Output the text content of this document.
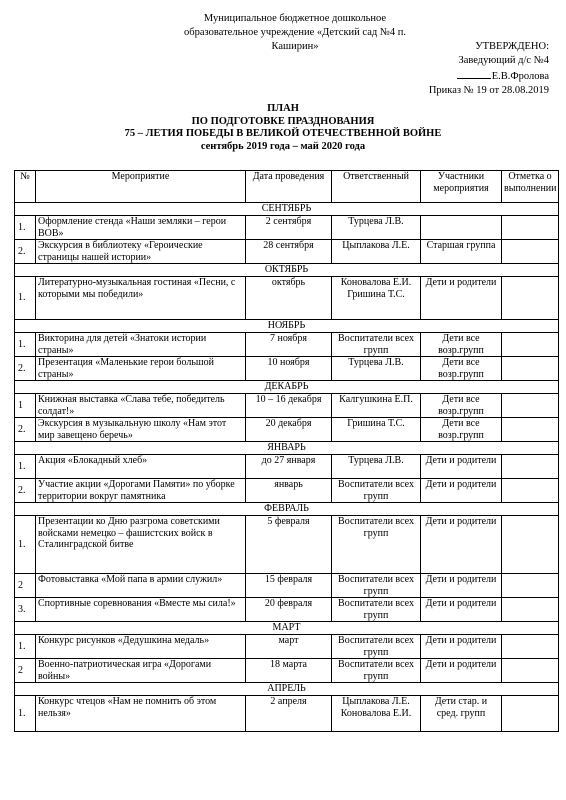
Муниципальное бюджетное дошкольное
образовательное учреждение «Детский сад №4 п.
Каширин»	УТВЕРЖДЕНО:
Заведующий д/с №4
Е.В.Фролова
Приказ № 19 от 28.08.2019
ПЛАН
ПО ПОДГОТОВКЕ ПРАЗДНОВАНИЯ
75 – ЛЕТИЯ ПОБЕДЫ В ВЕЛИКОЙ ОТЕЧЕСТВЕННОЙ ВОЙНЕ
сентябрь 2019 года – май 2020 года
№	Мероприятие	Дата проведения	Ответственный	Участники мероприятия	Отметка о выполнении
СЕНТЯБРЬ					
1.	Оформление стенда «Наши земляки – герои ВОВ»	2 сентября	Турцева Л.В.		
2.	Экскурсия в библиотеку «Героические страницы нашей истории»	28 сентября	Цыплакова Л.Е.	Старшая группа	
ОКТЯБРЬ					
1.	Литературно-музыкальная гостиная «Песни, с которыми мы победили»	октябрь	Коновалова Е.И. Гришина Т.С.	Дети и родители	
НОЯБРЬ					
1.	Викторина для детей «Знатоки истории страны»	7 ноября	Воспитатели всех групп	Дети все возр.групп	
2.	Презентация «Маленькие герои большой страны»	10 ноября	Турцева Л.В.	Дети все возр.групп	
ДЕКАБРЬ					
1	Книжная выставка «Слава тебе, победитель солдат!»	10 – 16 декабря	Калгушкина Е.П.	Дети все возр.групп	
2.	Экскурсия в музыкальную школу «Нам этот мир завещено беречь»	20 декабря	Гришина Т.С.	Дети все возр.групп	
ЯНВАРЬ					
1.	Акция «Блокадный хлеб»	до 27 января	Турцева Л.В.	Дети и родители	
2.	Участие акции «Дорогами Памяти» по уборке территории вокруг памятника	январь	Воспитатели всех групп	Дети и родители	
ФЕВРАЛЬ					
1.	Презентации ко Дню разгрома советскими войсками немецко – фашистских войск в Сталинградской битве	5 февраля	Воспитатели всех групп	Дети и родители	
2	Фотовыставка «Мой папа в армии служил»	15 февраля	Воспитатели всех групп	Дети и родители	
3.	Спортивные соревнования «Вместе мы сила!»	20 февраля	Воспитатели всех групп	Дети и родители	
МАРТ					
1.	Конкурс рисунков «Дедушкина медаль»	март	Воспитатели всех групп	Дети и родители	
2	Военно-патриотическая игра «Дорогами войны»	18 марта	Воспитатели всех групп	Дети и родители	
АПРЕЛЬ					
1.	Конкурс чтецов «Нам не помнить об этом нельзя»	2 апреля	Цыплакова Л.Е. Коновалова Е.И.	Дети стар. и сред. групп	
